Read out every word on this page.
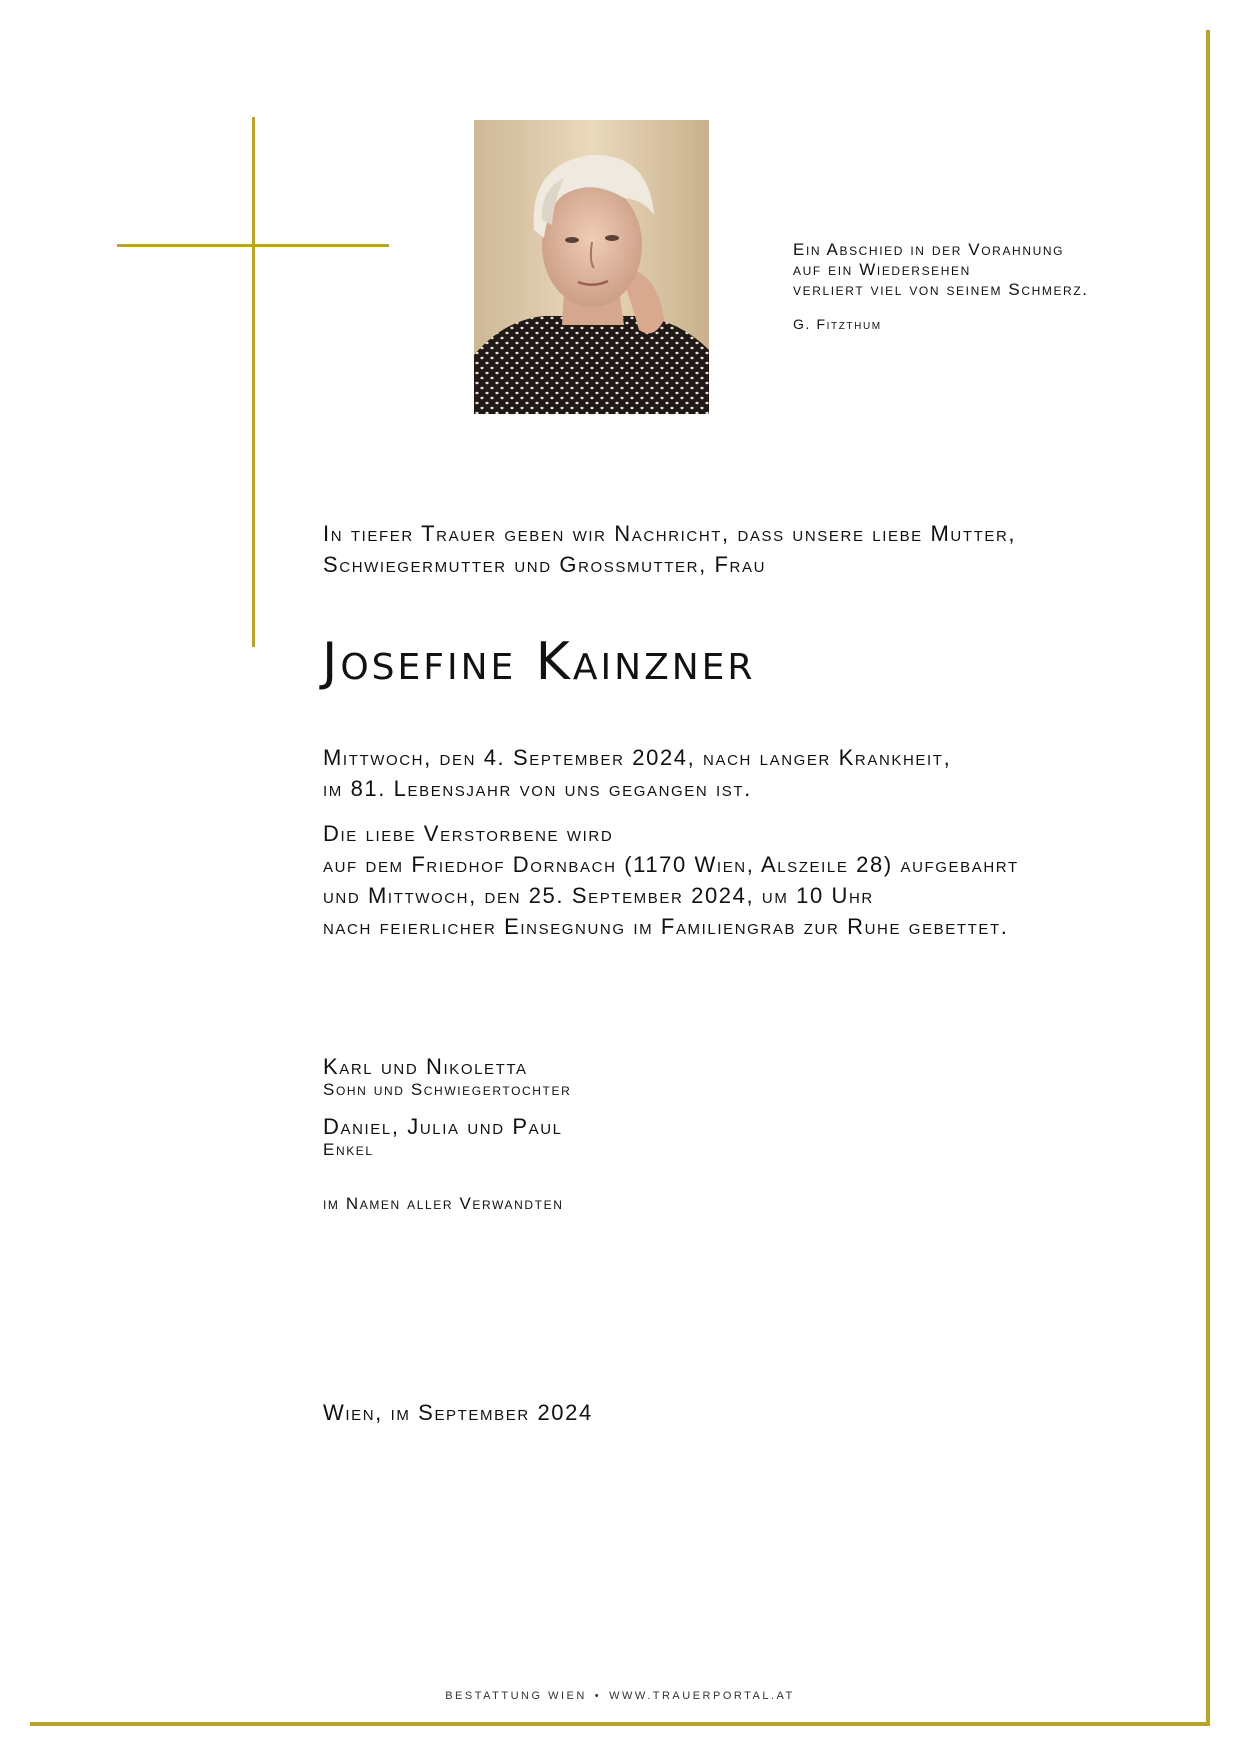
Ein Abschied in der Vorahnung
auf ein Wiedersehen
verliert viel von seinem Schmerz.
G. Fitzthum
In tiefer Trauer geben wir Nachricht, dass unsere liebe Mutter,
Schwiegermutter und Grossmutter, Frau
Josefine Kainzner
Mittwoch, den 4. September 2024, nach langer Krankheit,
im 81. Lebensjahr von uns gegangen ist.
Die liebe Verstorbene wird
auf dem Friedhof Dornbach (1170 Wien, Alszeile 28) aufgebahrt
und Mittwoch, den 25. September 2024, um 10 Uhr
nach feierlicher Einsegnung im Familiengrab zur Ruhe gebettet.
Karl und Nikoletta
Sohn und Schwiegertochter
Daniel, Julia und Paul
Enkel
im Namen aller Verwandten
Wien, im September 2024
BESTATTUNG WIEN • WWW.TRAUERPORTAL.AT
